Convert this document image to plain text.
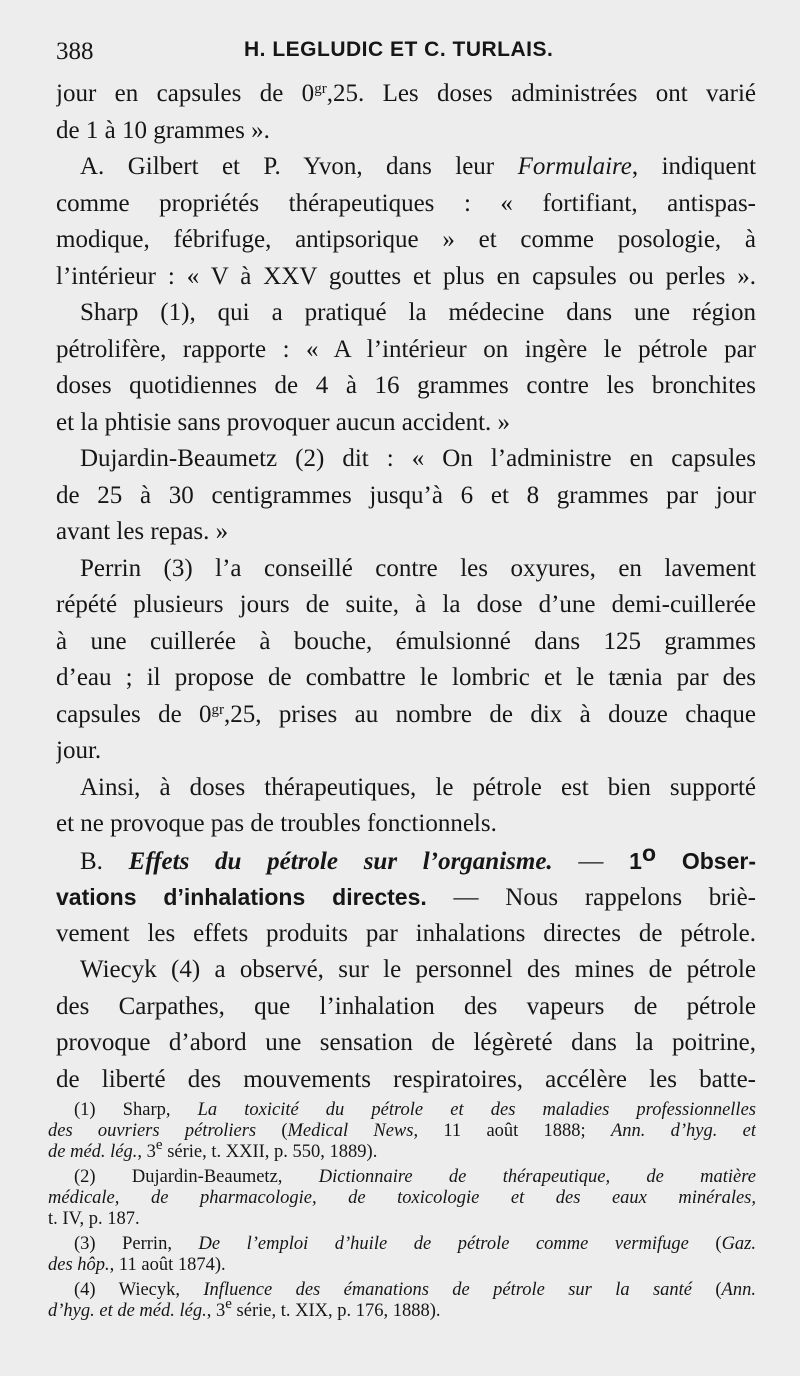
388	H. LEGLUDIC ET C. TURLAIS.
jour en capsules de $0^{gr},25$. Les doses administrées ont varié
de 1 à 10 grammes ».
A. Gilbert et P. Yvon, dans leur Formulaire, indiquent
comme propriétés thérapeutiques : « fortifiant, antispas-
modique, fébrifuge, antipsorique » et comme posologie, à
l’intérieur : « V à XXV gouttes et plus en capsules ou perles ».
Sharp (1), qui a pratiqué la médecine dans une région
pétrolifère, rapporte : « A l’intérieur on ingère le pétrole par
doses quotidiennes de 4 à 16 grammes contre les bronchites
et la phtisie sans provoquer aucun accident. »
Dujardin-Beaumetz (2) dit : « On l’administre en capsules
de 25 à 30 centigrammes jusqu’à 6 et 8 grammes par jour
avant les repas. »
Perrin (3) l’a conseillé contre les oxyures, en lavement
répété plusieurs jours de suite, à la dose d’une demi-cuillerée
à une cuillerée à bouche, émulsionné dans 125 grammes
d’eau ; il propose de combattre le lombric et le tænia par des
capsules de $0^{gr},25$, prises au nombre de dix à douze chaque
jour.
Ainsi, à doses thérapeutiques, le pétrole est bien supporté
et ne provoque pas de troubles fonctionnels.
B. Effets du pétrole sur l’organisme. — 1$^o$ Obser-
vations d’inhalations directes. — Nous rappelons briè-
vement les effets produits par inhalations directes de pétrole.
Wiecyk (4) a observé, sur le personnel des mines de pétrole
des Carpathes, que l’inhalation des vapeurs de pétrole
provoque d’abord une sensation de légèreté dans la poitrine,
de liberté des mouvements respiratoires, accélère les batte-
(1) Sharp, La toxicité du pétrole et des maladies professionnelles
des ouvriers pétroliers (Medical News, 11 août 1888; Ann. d’hyg. et
de méd. lég., 3e série, t. XXII, p. 550, 1889).
(2) Dujardin-Beaumetz, Dictionnaire de thérapeutique, de matière
médicale, de pharmacologie, de toxicologie et des eaux minérales,
t. IV, p. 187.
(3) Perrin, De l’emploi d’huile de pétrole comme vermifuge (Gaz.
des hôp., 11 août 1874).
(4) Wiecyk, Influence des émanations de pétrole sur la santé (Ann.
d’hyg. et de méd. lég., 3e série, t. XIX, p. 176, 1888).
